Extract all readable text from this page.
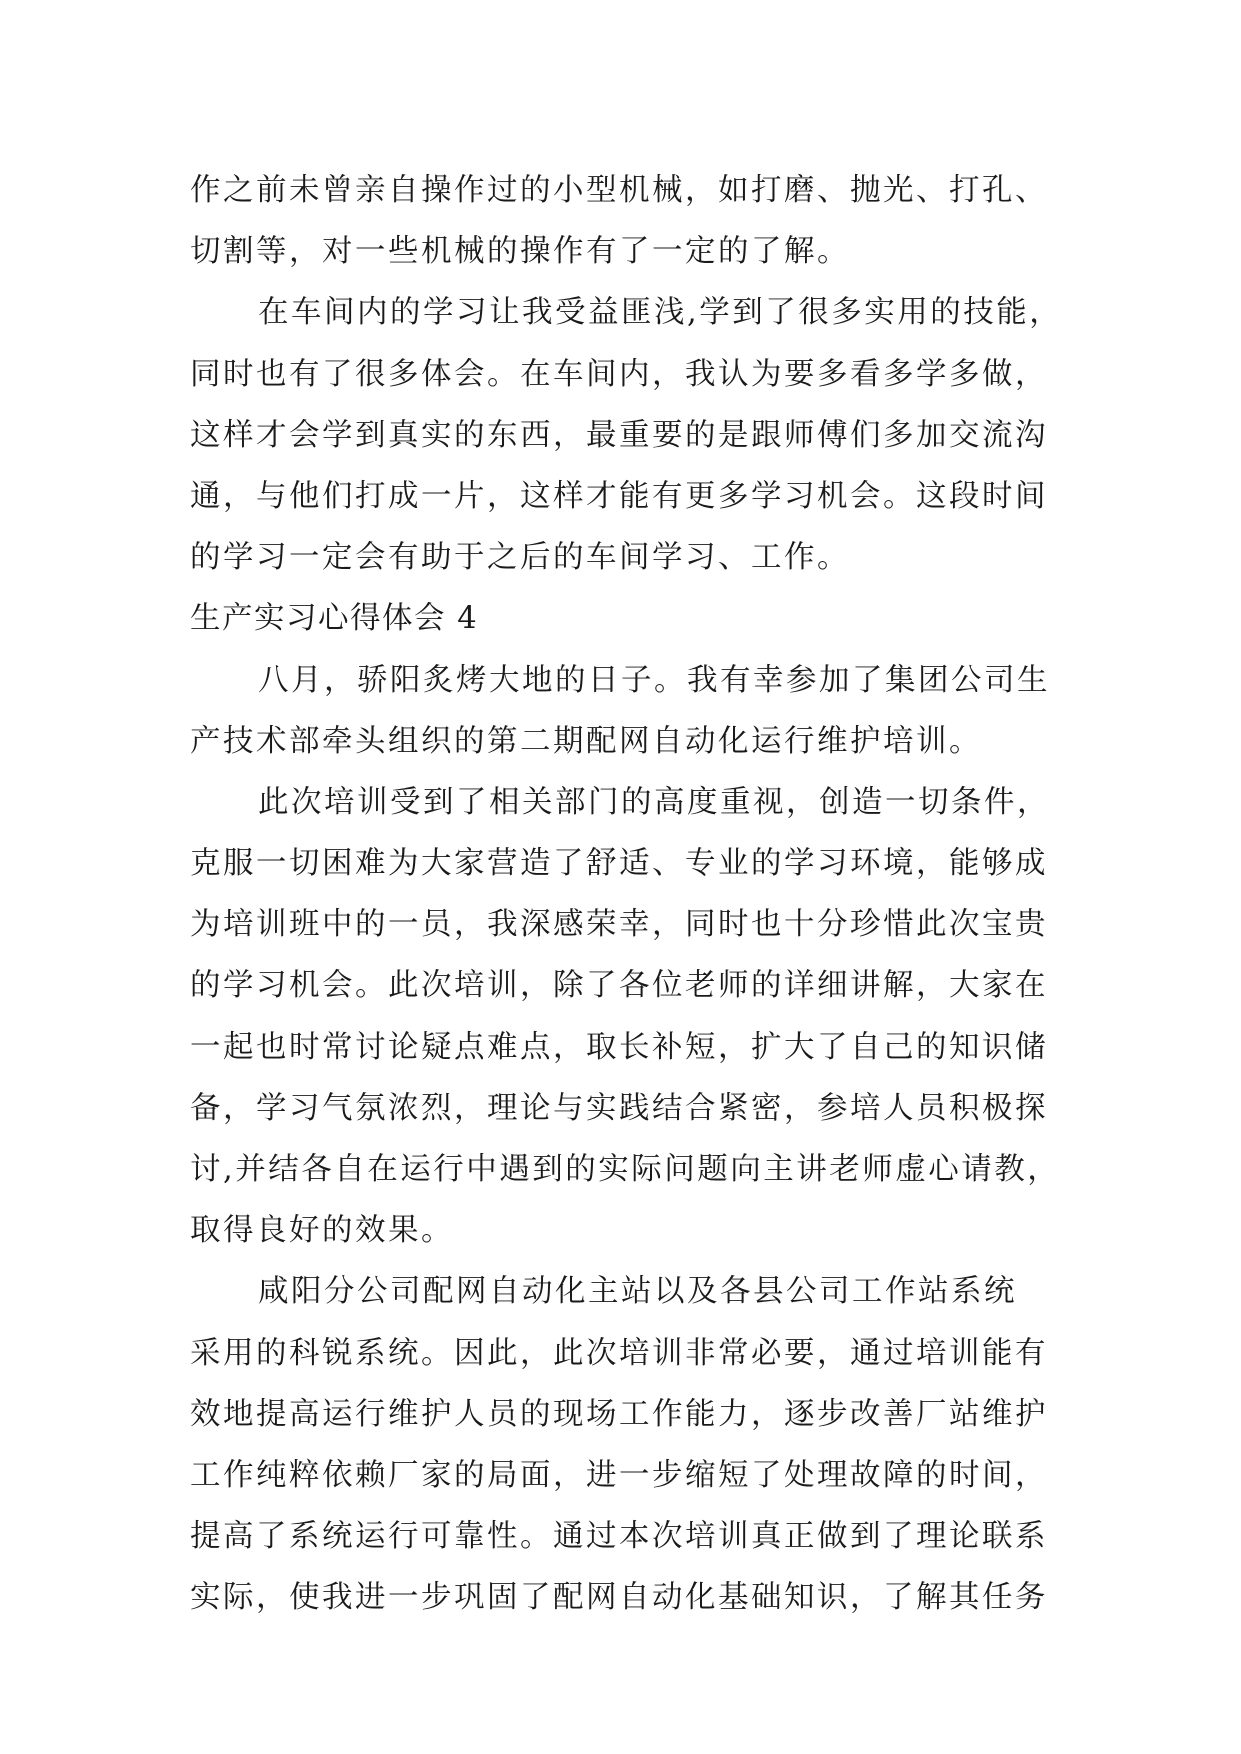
作之前未曾亲自操作过的小型机械，如打磨、抛光、打孔、
切割等，对一些机械的操作有了一定的了解。
在车间内的学习让我受益匪浅,学到了很多实用的技能，
同时也有了很多体会。在车间内，我认为要多看多学多做，
这样才会学到真实的东西，最重要的是跟师傅们多加交流沟
通，与他们打成一片，这样才能有更多学习机会。这段时间
的学习一定会有助于之后的车间学习、工作。
生产实习心得体会 4
八月，骄阳炙烤大地的日子。我有幸参加了集团公司生
产技术部牵头组织的第二期配网自动化运行维护培训。
此次培训受到了相关部门的高度重视，创造一切条件，
克服一切困难为大家营造了舒适、专业的学习环境，能够成
为培训班中的一员，我深感荣幸，同时也十分珍惜此次宝贵
的学习机会。此次培训，除了各位老师的详细讲解，大家在
一起也时常讨论疑点难点，取长补短，扩大了自己的知识储
备，学习气氛浓烈，理论与实践结合紧密，参培人员积极探
讨,并结各自在运行中遇到的实际问题向主讲老师虚心请教，
取得良好的效果。
咸阳分公司配网自动化主站以及各县公司工作站系统
采用的科锐系统。因此，此次培训非常必要，通过培训能有
效地提高运行维护人员的现场工作能力，逐步改善厂站维护
工作纯粹依赖厂家的局面，进一步缩短了处理故障的时间，
提高了系统运行可靠性。通过本次培训真正做到了理论联系
实际，使我进一步巩固了配网自动化基础知识，了解其任务
